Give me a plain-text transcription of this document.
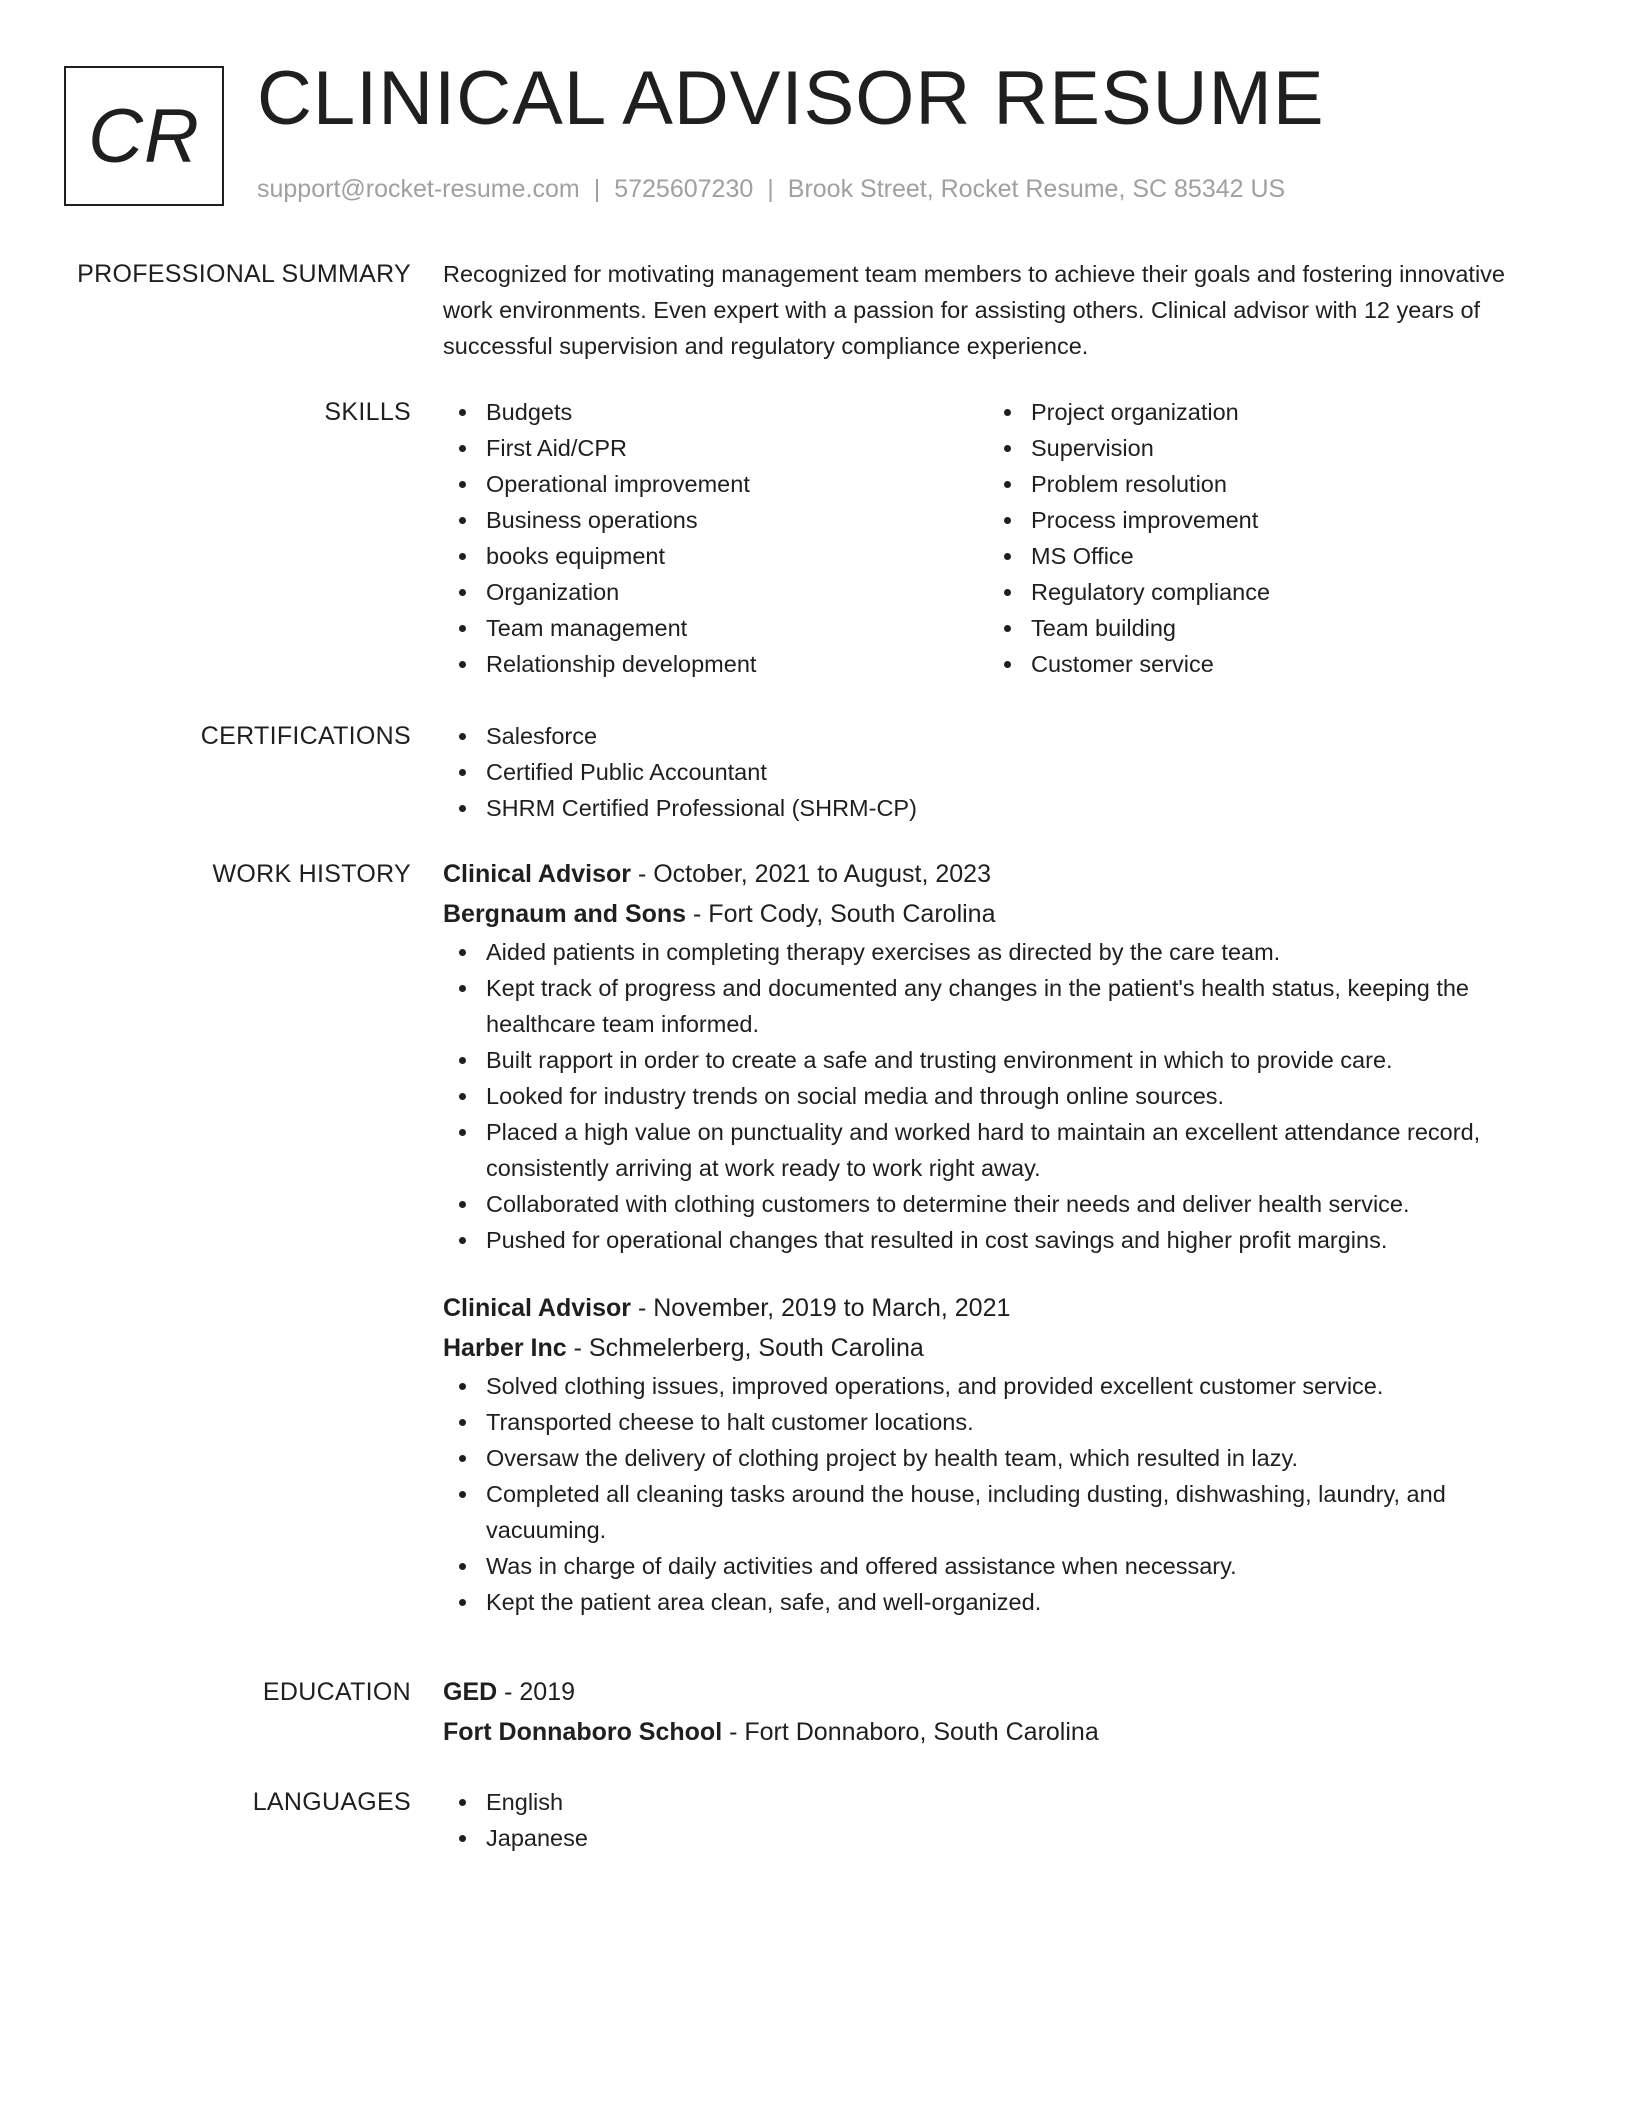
CR CLINICAL ADVISOR RESUME
support@rocket-resume.com | 5725607230 | Brook Street, Rocket Resume, SC 85342 US
PROFESSIONAL SUMMARY Recognized for motivating management team members to achieve their goals and fostering innovative work environments. Even expert with a passion for assisting others. Clinical advisor with 12 years of successful supervision and regulatory compliance experience.

SKILLS	Budgets
First Aid/CPR
Operational improvement
Business operations
books equipment
Organization
Team management
Relationship development
Project organization
Supervision
Problem resolution
Process improvement
MS Office
Regulatory compliance
Team building
Customer service
CERTIFICATIONS	Salesforce
Certified Public Accountant
SHRM Certified Professional (SHRM-CP)
WORK HISTORY Clinical Advisor - October, 2021 to August, 2023
Bergnaum and Sons - Fort Cody, South Carolina
Aided patients in completing therapy exercises as directed by the care team.
Kept track of progress and documented any changes in the patient's health status, keeping the healthcare team informed.
Built rapport in order to create a safe and trusting environment in which to provide care.
Looked for industry trends on social media and through online sources.
Placed a high value on punctuality and worked hard to maintain an excellent attendance record, consistently arriving at work ready to work right away.
Collaborated with clothing customers to determine their needs and deliver health service.
Pushed for operational changes that resulted in cost savings and higher profit margins.
Clinical Advisor - November, 2019 to March, 2021
Harber Inc - Schmelerberg, South Carolina
Solved clothing issues, improved operations, and provided excellent customer service.
Transported cheese to halt customer locations.
Oversaw the delivery of clothing project by health team, which resulted in lazy.
Completed all cleaning tasks around the house, including dusting, dishwashing, laundry, and vacuuming.
Was in charge of daily activities and offered assistance when necessary.
Kept the patient area clean, safe, and well-organized.
EDUCATION GED - 2019
Fort Donnaboro School - Fort Donnaboro, South Carolina
LANGUAGES	English
Japanese
